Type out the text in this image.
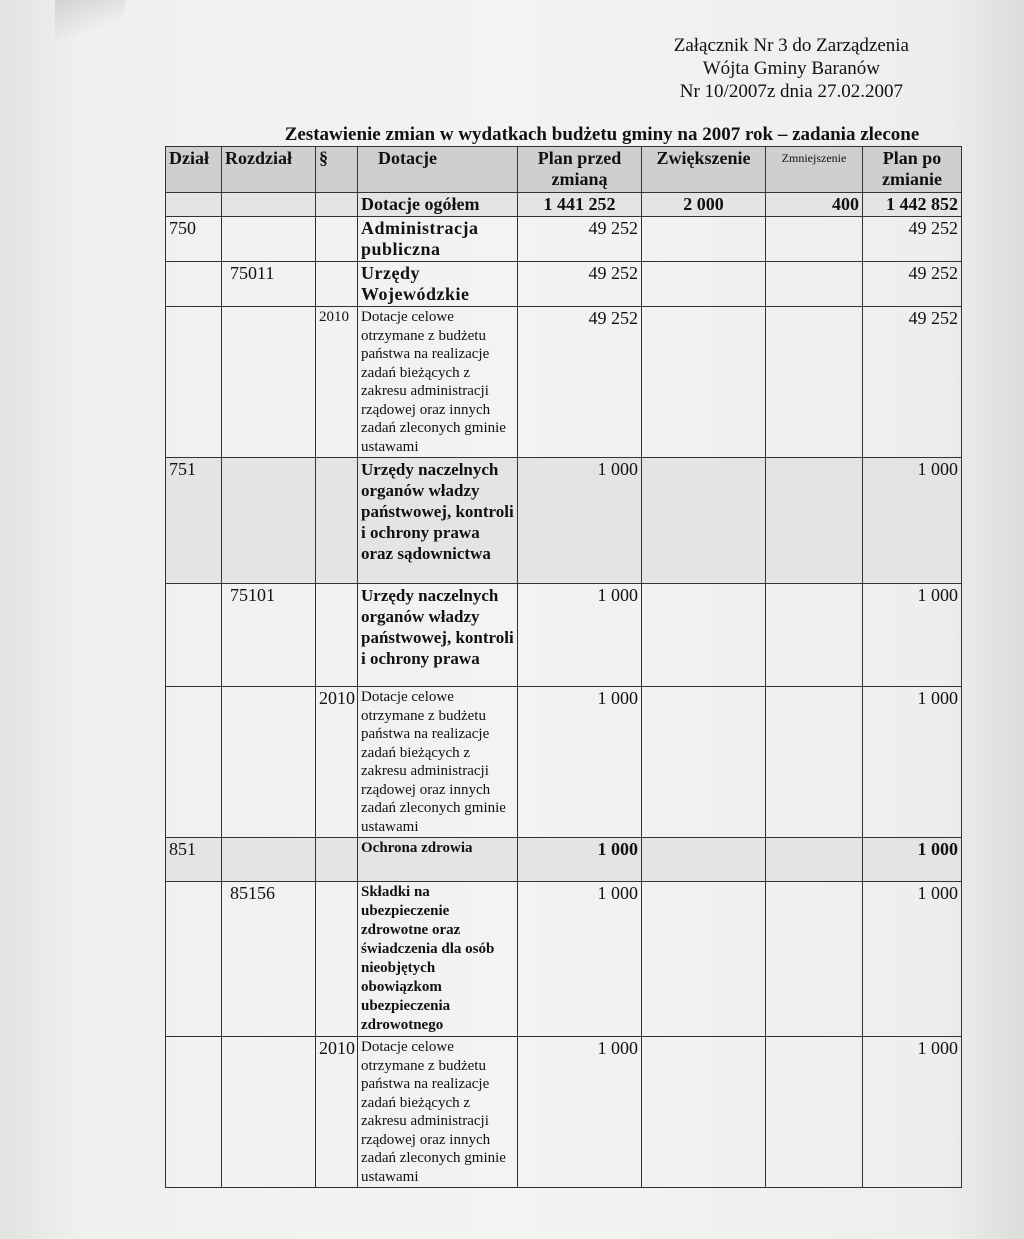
Załącznik Nr 3 do Zarządzenia
Wójta Gminy Baranów
Nr 10/2007z dnia 27.02.2007
Zestawienie zmian w wydatkach budżetu gminy na 2007 rok – zadania zlecone
Dział	Rozdział	§	Dotacje	Plan przed zmianą	Zwiększenie	Zmniejszenie	Plan po zmianie
			Dotacje ogółem	1 441 252	2 000	400	1 442 852
750			Administracja publiczna	49 252			49 252
	75011		Urzędy Wojewódzkie	49 252			49 252
		2010	Dotacje celowe otrzymane z budżetu państwa na realizacje zadań bieżących z zakresu administracji rządowej oraz innych zadań zleconych gminie ustawami	49 252			49 252
751			Urzędy naczelnych organów władzy państwowej, kontroli i ochrony prawa oraz sądownictwa	1 000			1 000
	75101		Urzędy naczelnych organów władzy państwowej, kontroli i ochrony prawa	1 000			1 000
		2010	Dotacje celowe otrzymane z budżetu państwa na realizacje zadań bieżących z zakresu administracji rządowej oraz innych zadań zleconych gminie ustawami	1 000			1 000
851			Ochrona zdrowia	1 000			1 000
	85156		Składki na ubezpieczenie zdrowotne oraz świadczenia dla osób nieobjętych obowiązkom ubezpieczenia zdrowotnego	1 000			1 000
		2010	Dotacje celowe otrzymane z budżetu państwa na realizacje zadań bieżących z zakresu administracji rządowej oraz innych zadań zleconych gminie ustawami	1 000			1 000
